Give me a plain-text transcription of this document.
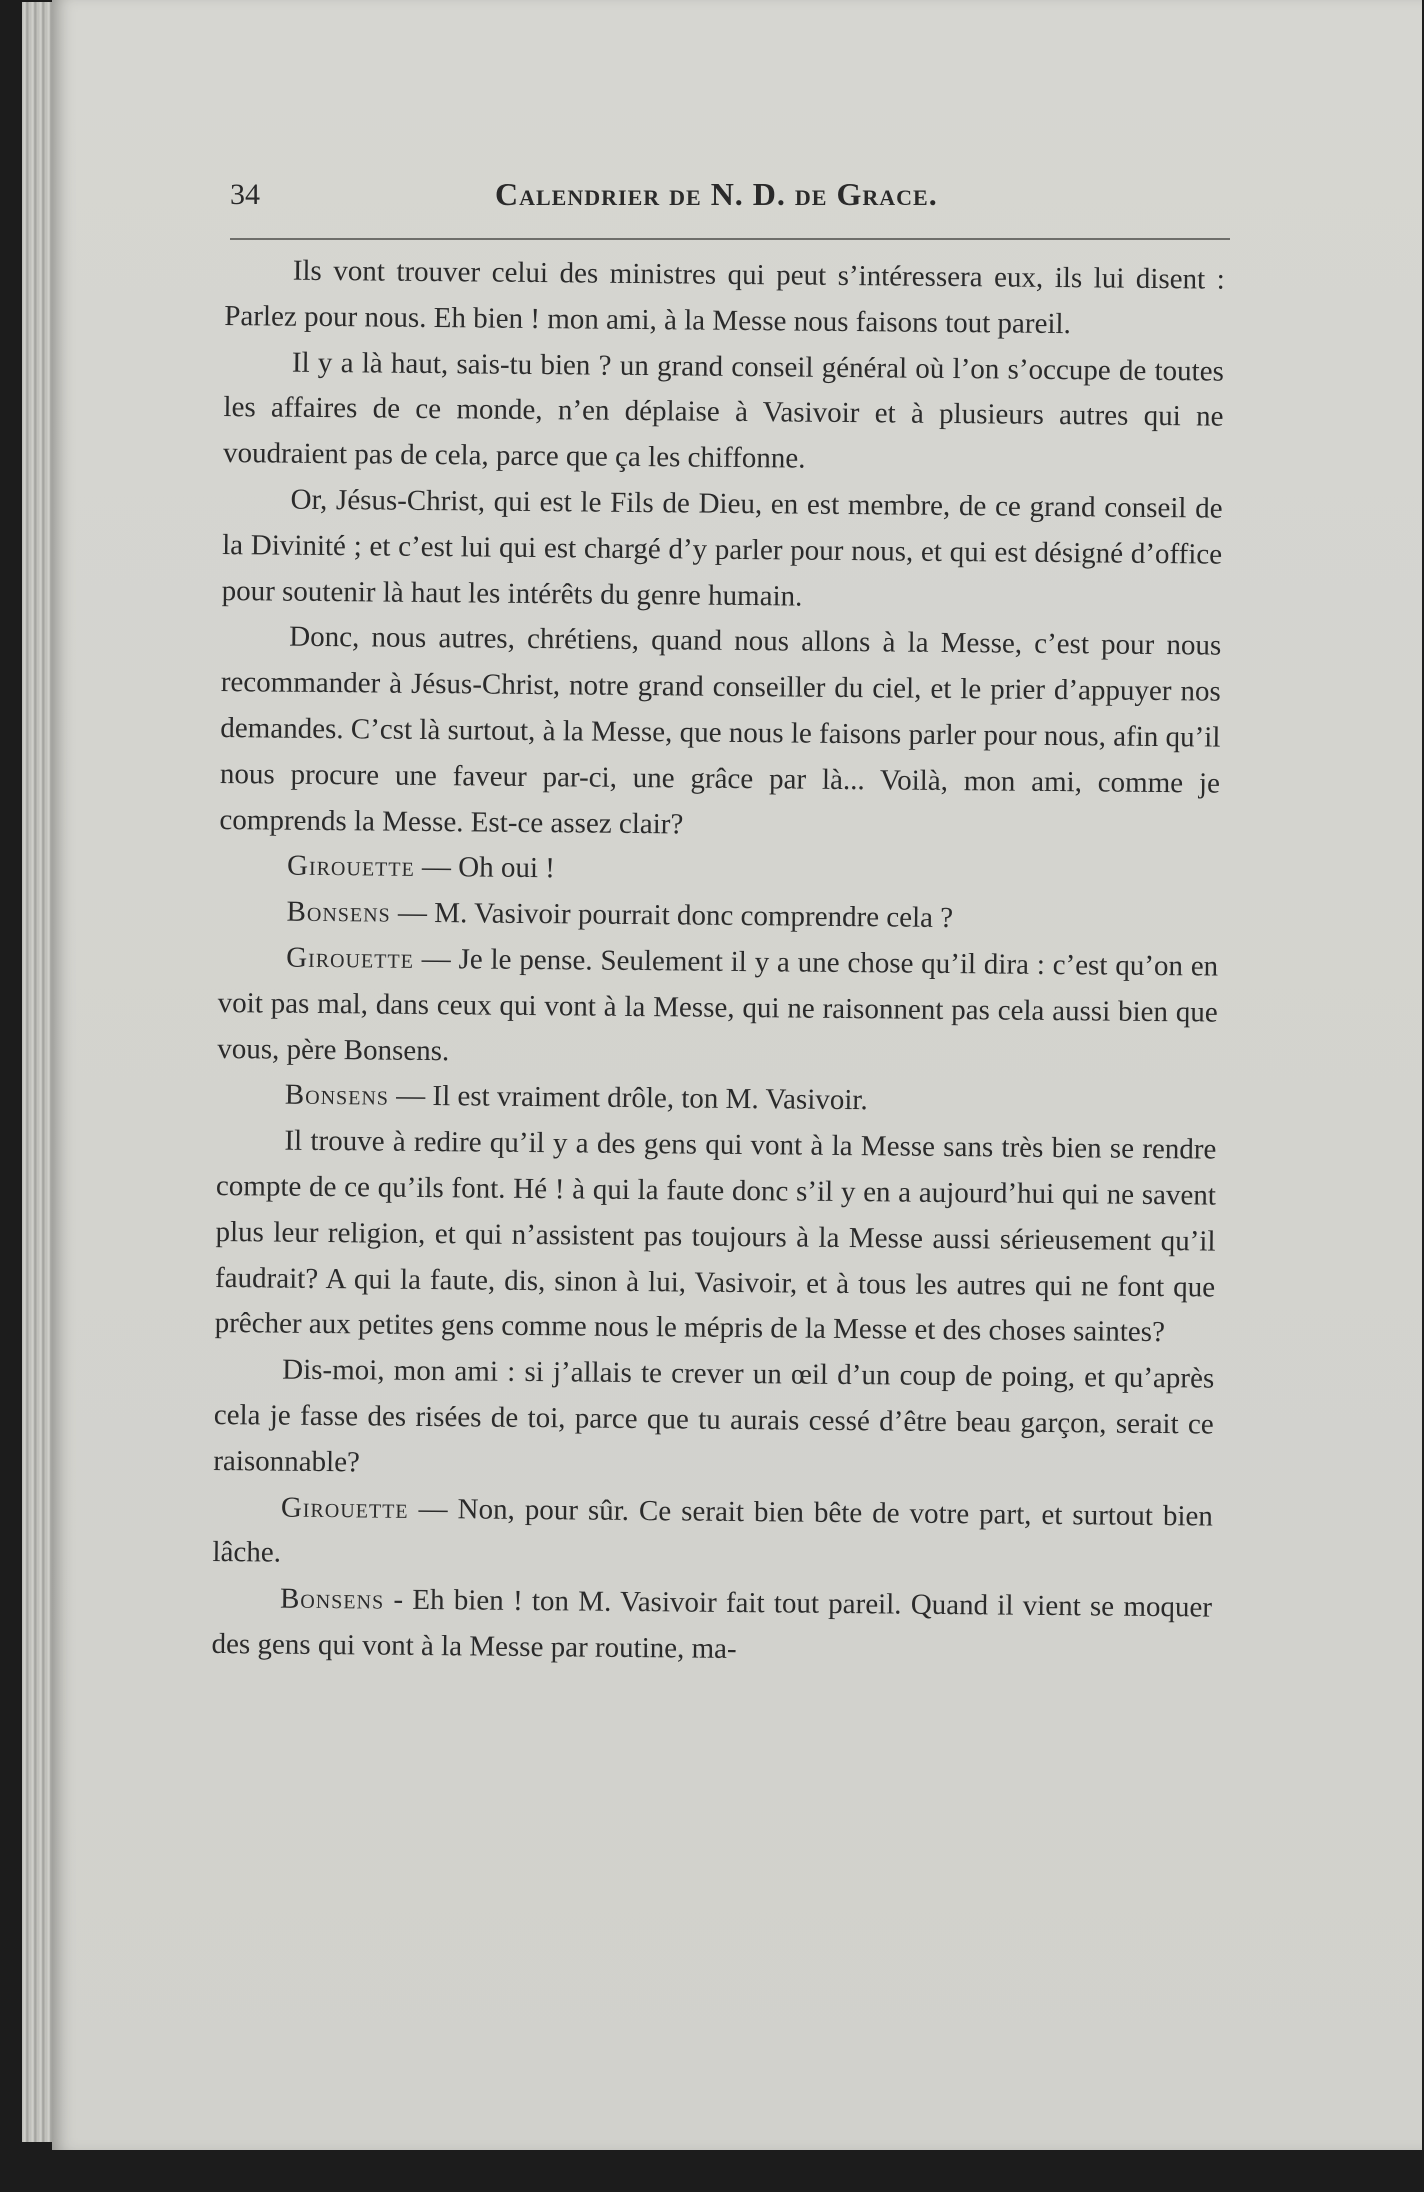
34	Calendrier de N. D. de Grace.

Ils vont trouver celui des ministres qui peut s’intéressera eux, ils lui disent : Parlez pour nous. Eh bien ! mon ami, à la Messe nous faisons tout pareil.

Il y a là haut, sais-tu bien ? un grand conseil général où l’on s’occupe de toutes les affaires de ce monde, n’en déplaise à Vasivoir et à plusieurs autres qui ne voudraient pas de cela, parce que ça les chiffonne.

Or, Jésus-Christ, qui est le Fils de Dieu, en est membre, de ce grand conseil de la Divinité ; et c’est lui qui est chargé d’y parler pour nous, et qui est désigné d’office pour soutenir là haut les intérêts du genre humain.

Donc, nous autres, chrétiens, quand nous allons à la Messe, c’est pour nous recommander à Jésus-Christ, notre grand conseiller du ciel, et le prier d’appuyer nos demandes. C’cst là surtout, à la Messe, que nous le faisons parler pour nous, afin qu’il nous procure une faveur par-ci, une grâce par là... Voilà, mon ami, comme je comprends la Messe. Est-ce assez clair?

Girouette — Oh oui !

Bonsens — M. Vasivoir pourrait donc comprendre cela ?

Girouette — Je le pense. Seulement il y a une chose qu’il dira : c’est qu’on en voit pas mal, dans ceux qui vont à la Messe, qui ne raisonnent pas cela aussi bien que vous, père Bonsens.

Bonsens — Il est vraiment drôle, ton M. Vasivoir.

Il trouve à redire qu’il y a des gens qui vont à la Messe sans très bien se rendre compte de ce qu’ils font. Hé ! à qui la faute donc s’il y en a aujourd’hui qui ne savent plus leur religion, et qui n’assistent pas toujours à la Messe aussi sérieusement qu’il faudrait? A qui la faute, dis, sinon à lui, Vasivoir, et à tous les autres qui ne font que prêcher aux petites gens comme nous le mépris de la Messe et des choses saintes?

Dis-moi, mon ami : si j’allais te crever un œil d’un coup de poing, et qu’après cela je fasse des risées de toi, parce que tu aurais cessé d’être beau garçon, serait ce raisonnable?

Girouette — Non, pour sûr. Ce serait bien bête de votre part, et surtout bien lâche.

Bonsens - Eh bien ! ton M. Vasivoir fait tout pareil. Quand il vient se moquer des gens qui vont à la Messe par routine, ma-
